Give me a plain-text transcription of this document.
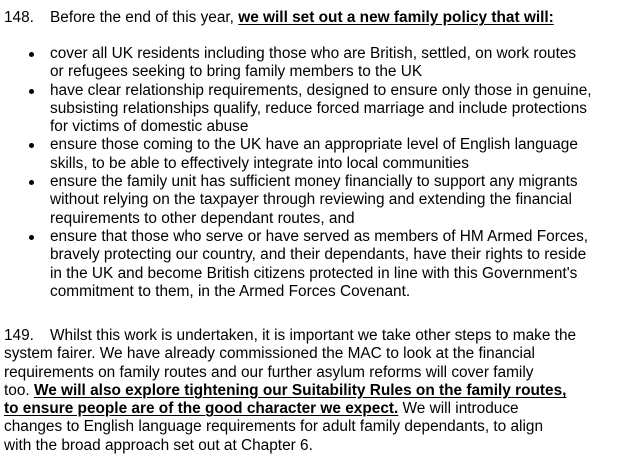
148. Before the end of this year, we will set out a new family policy that will:

cover all UK residents including those who are British, settled, on work routes
or refugees seeking to bring family members to the UK
have clear relationship requirements, designed to ensure only those in genuine,
subsisting relationships qualify, reduce forced marriage and include protections
for victims of domestic abuse
ensure those coming to the UK have an appropriate level of English language
skills, to be able to effectively integrate into local communities
ensure the family unit has sufficient money financially to support any migrants
without relying on the taxpayer through reviewing and extending the financial
requirements to other dependant routes, and
ensure that those who serve or have served as members of HM Armed Forces,
bravely protecting our country, and their dependants, have their rights to reside
in the UK and become British citizens protected in line with this Government's
commitment to them, in the Armed Forces Covenant.
149. Whilst this work is undertaken, it is important we take other steps to make the
system fairer. We have already commissioned the MAC to look at the financial
requirements on family routes and our further asylum reforms will cover family
too. We will also explore tightening our Suitability Rules on the family routes,
to ensure people are of the good character we expect. We will introduce
changes to English language requirements for adult family dependants, to align
with the broad approach set out at Chapter 6.
